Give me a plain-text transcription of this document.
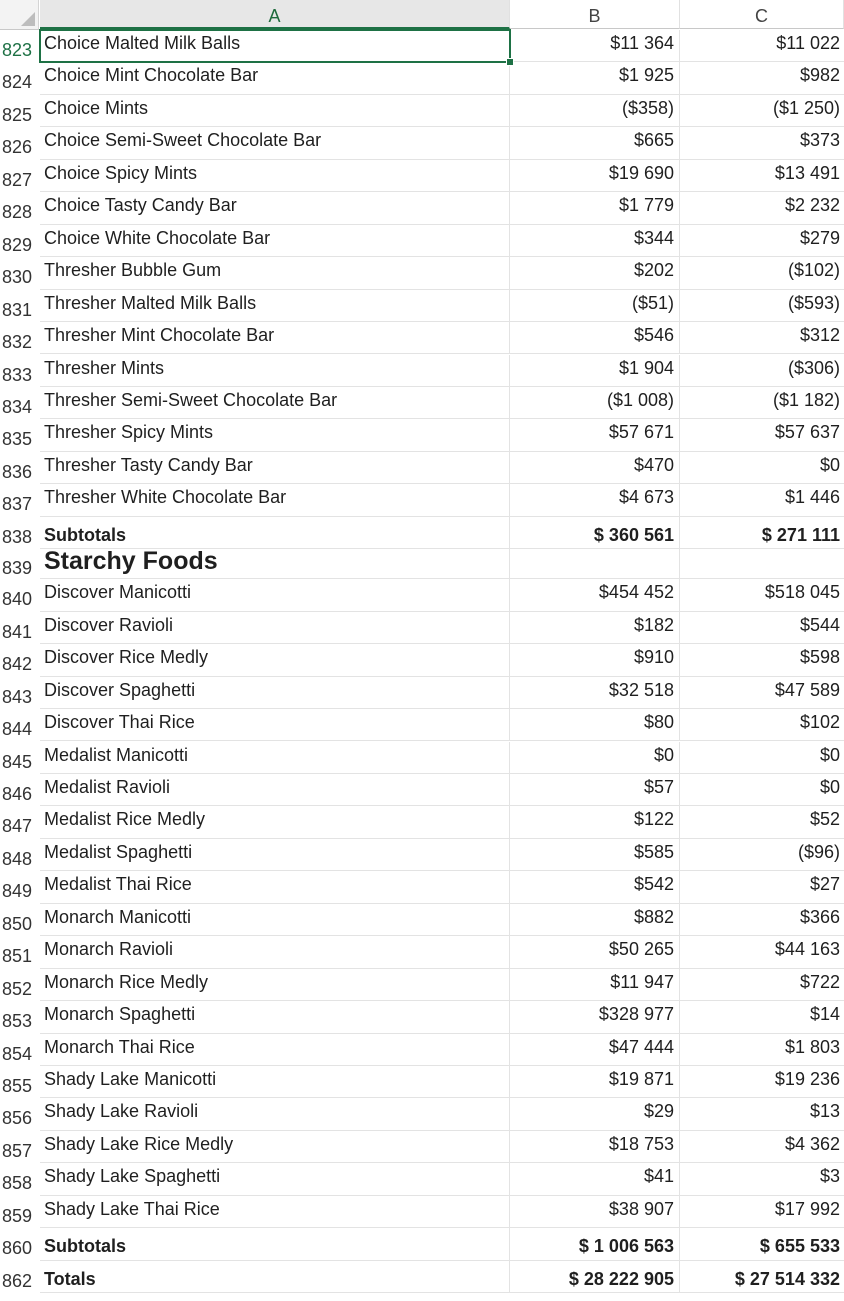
A	B	C
823 Choice Malted Milk Balls	$11 364	$11 022
824 Choice Mint Chocolate Bar	$1 925	$982
825 Choice Mints	($358)	($1 250)
826 Choice Semi-Sweet Chocolate Bar	$665	$373
827 Choice Spicy Mints	$19 690	$13 491
828 Choice Tasty Candy Bar	$1 779	$2 232
829 Choice White Chocolate Bar	$344	$279
830 Thresher Bubble Gum	$202	($102)
831 Thresher Malted Milk Balls	($51)	($593)
832 Thresher Mint Chocolate Bar	$546	$312
833 Thresher Mints	$1 904	($306)
834 Thresher Semi-Sweet Chocolate Bar	($1 008)	($1 182)
835 Thresher Spicy Mints	$57 671	$57 637
836 Thresher Tasty Candy Bar	$470	$0
837 Thresher White Chocolate Bar	$4 673	$1 446
838 Subtotals	$ 360 561	$ 271 111
839 Starchy Foods
840 Discover Manicotti	$454 452	$518 045
841 Discover Ravioli	$182	$544
842 Discover Rice Medly	$910	$598
843 Discover Spaghetti	$32 518	$47 589
844 Discover Thai Rice	$80	$102
845 Medalist Manicotti	$0	$0
846 Medalist Ravioli	$57	$0
847 Medalist Rice Medly	$122	$52
848 Medalist Spaghetti	$585	($96)
849 Medalist Thai Rice	$542	$27
850 Monarch Manicotti	$882	$366
851 Monarch Ravioli	$50 265	$44 163
852 Monarch Rice Medly	$11 947	$722
853 Monarch Spaghetti	$328 977	$14
854 Monarch Thai Rice	$47 444	$1 803
855 Shady Lake Manicotti	$19 871	$19 236
856 Shady Lake Ravioli	$29	$13
857 Shady Lake Rice Medly	$18 753	$4 362
858 Shady Lake Spaghetti	$41	$3
859 Shady Lake Thai Rice	$38 907	$17 992
860 Subtotals	$ 1 006 563	$ 655 533
862 Totals	$ 28 222 905	$ 27 514 332
